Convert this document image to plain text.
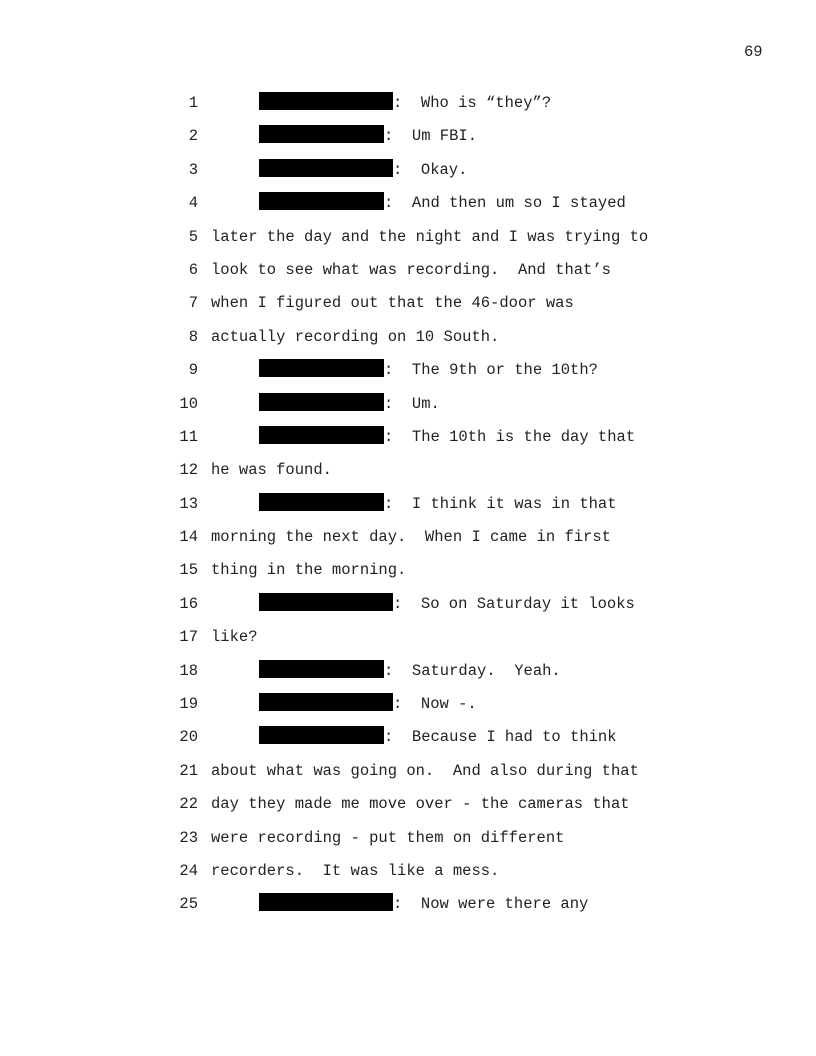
69
1	:  Who is “they”?
2	:  Um FBI.
3	:  Okay.
4	:  And then um so I stayed
5 later the day and the night and I was trying to
6 look to see what was recording.  And that’s
7 when I figured out that the 46-door was
8 actually recording on 10 South.
9	:  The 9th or the 10th?
10	:  Um.
11	:  The 10th is the day that
12 he was found.
13	:  I think it was in that
14 morning the next day.  When I came in first
15 thing in the morning.
16	:  So on Saturday it looks
17 like?
18	:  Saturday.  Yeah.
19	:  Now -.
20	:  Because I had to think
21 about what was going on.  And also during that
22 day they made me move over - the cameras that
23 were recording - put them on different
24 recorders.  It was like a mess.
25	:  Now were there any
